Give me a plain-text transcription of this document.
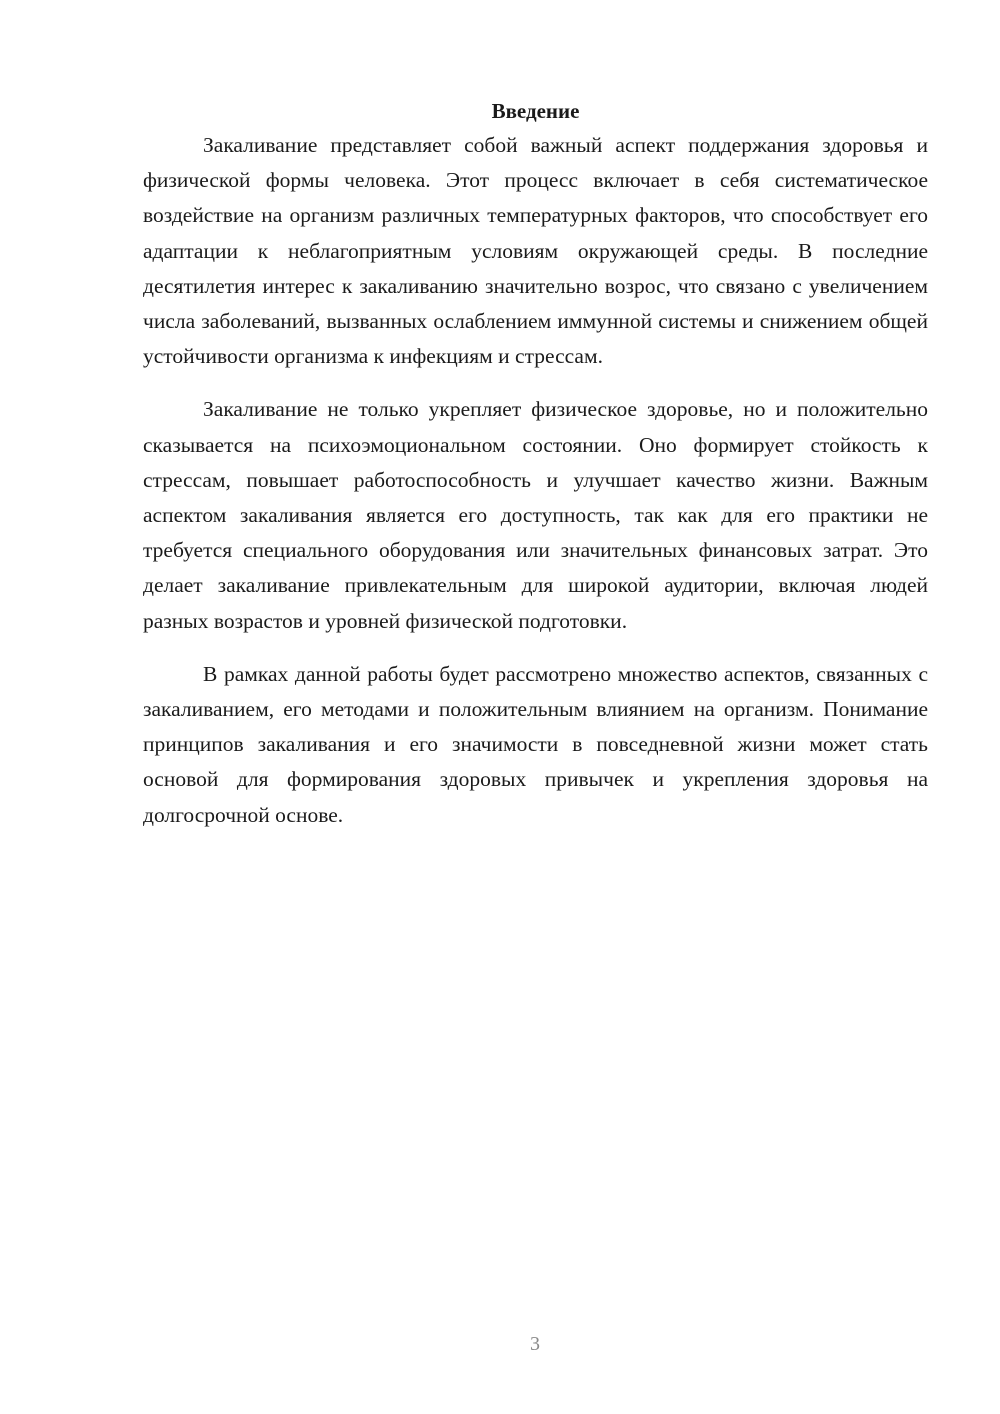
Введение

Закаливание представляет собой важный аспект поддержания здоровья и физической формы человека. Этот процесс включает в себя систематическое воздействие на организм различных температурных факторов, что способствует его адаптации к неблагоприятным условиям окружающей среды. В последние десятилетия интерес к закаливанию значительно возрос, что связано с увеличением числа заболеваний, вызванных ослаблением иммунной системы и снижением общей устойчивости организма к инфекциям и стрессам.

Закаливание не только укрепляет физическое здоровье, но и положительно сказывается на психоэмоциональном состоянии. Оно формирует стойкость к стрессам, повышает работоспособность и улучшает качество жизни. Важным аспектом закаливания является его доступность, так как для его практики не требуется специального оборудования или значительных финансовых затрат. Это делает закаливание привлекательным для широкой аудитории, включая людей разных возрастов и уровней физической подготовки.

В рамках данной работы будет рассмотрено множество аспектов, связанных с закаливанием, его методами и положительным влиянием на организм. Понимание принципов закаливания и его значимости в повседневной жизни может стать основой для формирования здоровых привычек и укрепления здоровья на долгосрочной основе.

3
